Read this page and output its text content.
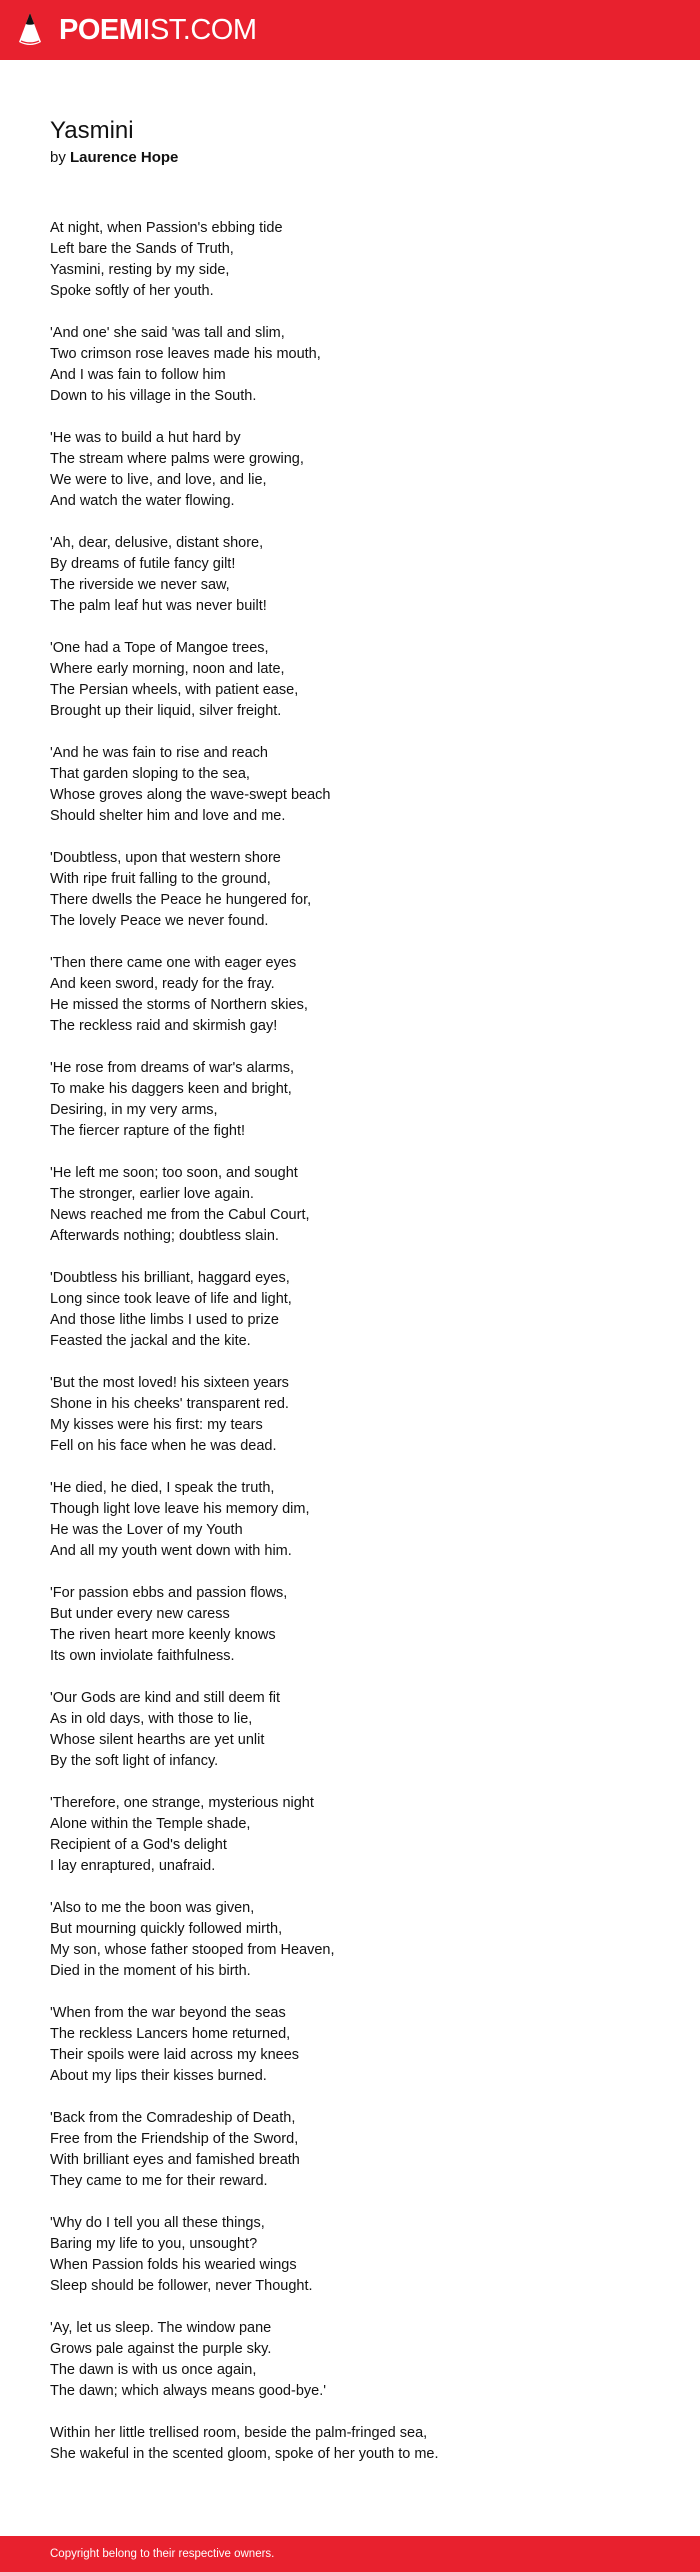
POEMIST.COM
Yasmini
by Laurence Hope
At night, when Passion's ebbing tide
Left bare the Sands of Truth,
Yasmini, resting by my side,
Spoke softly of her youth.
'And one' she said 'was tall and slim,
Two crimson rose leaves made his mouth,
And I was fain to follow him
Down to his village in the South.
'He was to build a hut hard by
The stream where palms were growing,
We were to live, and love, and lie,
And watch the water flowing.
'Ah, dear, delusive, distant shore,
By dreams of futile fancy gilt!
The riverside we never saw,
The palm leaf hut was never built!
'One had a Tope of Mangoe trees,
Where early morning, noon and late,
The Persian wheels, with patient ease,
Brought up their liquid, silver freight.
'And he was fain to rise and reach
That garden sloping to the sea,
Whose groves along the wave-swept beach
Should shelter him and love and me.
'Doubtless, upon that western shore
With ripe fruit falling to the ground,
There dwells the Peace he hungered for,
The lovely Peace we never found.
'Then there came one with eager eyes
And keen sword, ready for the fray.
He missed the storms of Northern skies,
The reckless raid and skirmish gay!
'He rose from dreams of war's alarms,
To make his daggers keen and bright,
Desiring, in my very arms,
The fiercer rapture of the fight!
'He left me soon; too soon, and sought
The stronger, earlier love again.
News reached me from the Cabul Court,
Afterwards nothing; doubtless slain.
'Doubtless his brilliant, haggard eyes,
Long since took leave of life and light,
And those lithe limbs I used to prize
Feasted the jackal and the kite.
'But the most loved! his sixteen years
Shone in his cheeks' transparent red.
My kisses were his first: my tears
Fell on his face when he was dead.
'He died, he died, I speak the truth,
Though light love leave his memory dim,
He was the Lover of my Youth
And all my youth went down with him.
'For passion ebbs and passion flows,
But under every new caress
The riven heart more keenly knows
Its own inviolate faithfulness.
'Our Gods are kind and still deem fit
As in old days, with those to lie,
Whose silent hearths are yet unlit
By the soft light of infancy.
'Therefore, one strange, mysterious night
Alone within the Temple shade,
Recipient of a God's delight
I lay enraptured, unafraid.
'Also to me the boon was given,
But mourning quickly followed mirth,
My son, whose father stooped from Heaven,
Died in the moment of his birth.
'When from the war beyond the seas
The reckless Lancers home returned,
Their spoils were laid across my knees
About my lips their kisses burned.
'Back from the Comradeship of Death,
Free from the Friendship of the Sword,
With brilliant eyes and famished breath
They came to me for their reward.
'Why do I tell you all these things,
Baring my life to you, unsought?
When Passion folds his wearied wings
Sleep should be follower, never Thought.
'Ay, let us sleep. The window pane
Grows pale against the purple sky.
The dawn is with us once again,
The dawn; which always means good-bye.'
Within her little trellised room, beside the palm-fringed sea,
She wakeful in the scented gloom, spoke of her youth to me.
Copyright belong to their respective owners.
